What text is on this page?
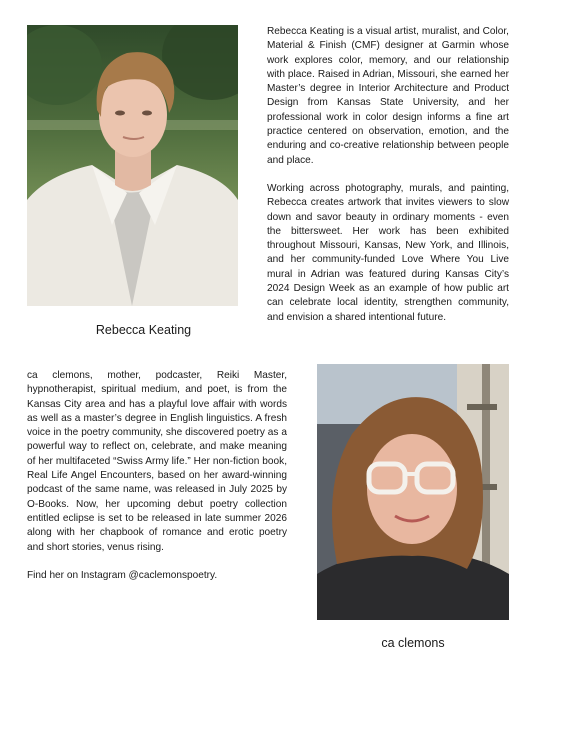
Rebecca Keating

Rebecca Keating is a visual artist, muralist, and Color, Material & Finish (CMF) designer at Garmin whose work explores color, memory, and our relationship with place. Raised in Adrian, Missouri, she earned her Master’s degree in Interior Architecture and Product Design from Kansas State University, and her professional work in color design informs a fine art practice centered on observation, emotion, and the enduring and co-creative relationship between people and place.

Working across photography, murals, and painting, Rebecca creates artwork that invites viewers to slow down and savor beauty in ordinary moments - even the bittersweet. Her work has been exhibited throughout Missouri, Kansas, New York, and Illinois, and her community-funded Love Where You Live mural in Adrian was featured during Kansas City’s 2024 Design Week as an example of how public art can celebrate local identity, strengthen community, and envision a shared intentional future.

ca clemons, mother, podcaster, Reiki Master, hypnotherapist, spiritual medium, and poet, is from the Kansas City area and has a playful love affair with words as well as a master’s degree in English linguistics. A fresh voice in the poetry community, she discovered poetry as a powerful way to reflect on, celebrate, and make meaning of her multifaceted “Swiss Army life.” Her non-fiction book, Real Life Angel Encounters, based on her award-winning podcast of the same name, was released in July 2025 by O-Books. Now, her upcoming debut poetry collection entitled eclipse is set to be released in late summer 2026 along with her chapbook of romance and erotic poetry and short stories, venus rising.

Find her on Instagram @caclemonspoetry.

ca clemons
